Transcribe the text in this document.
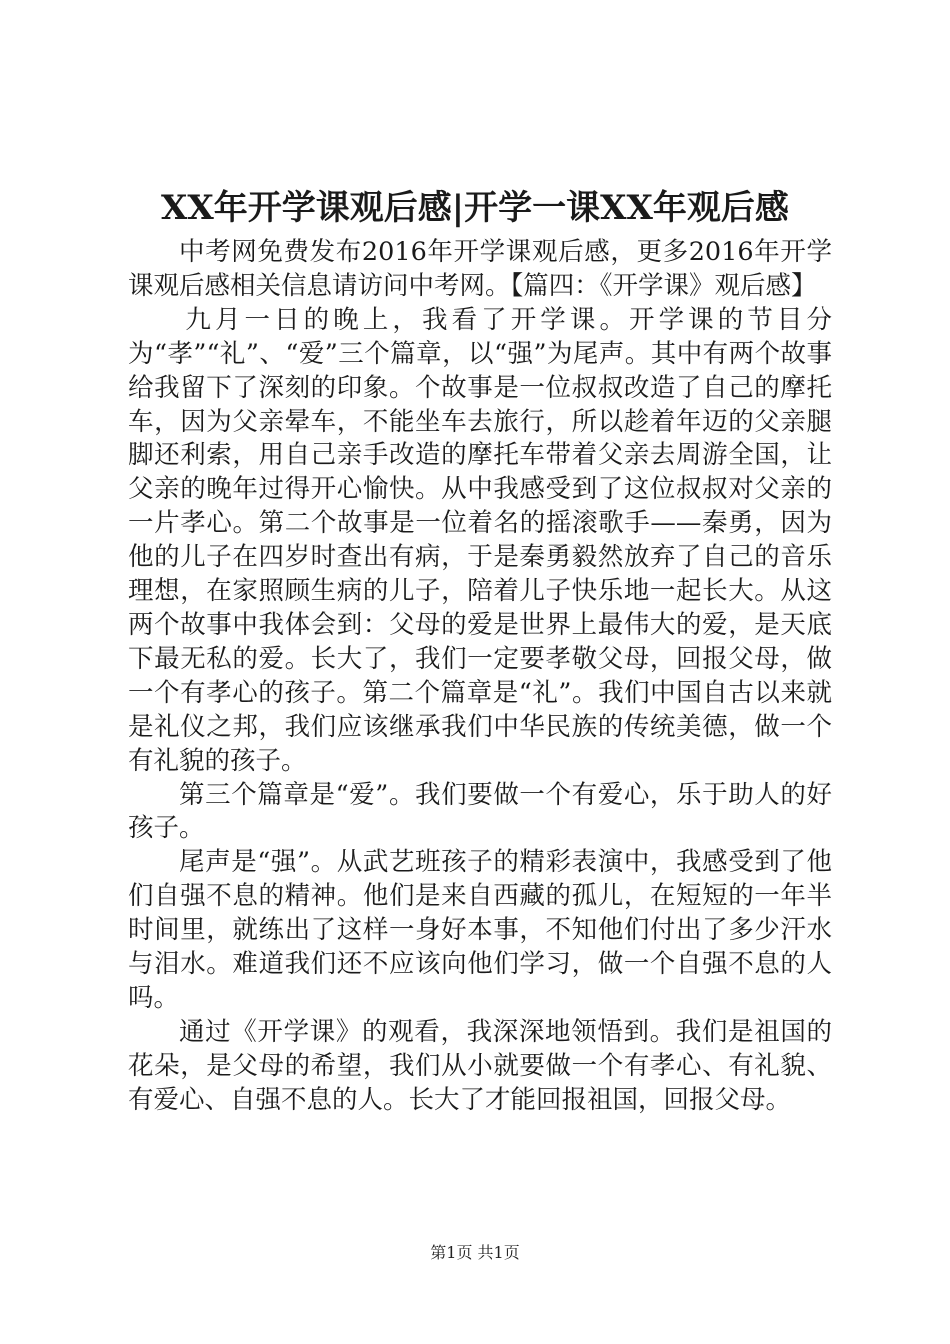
XX年开学课观后感|开学一课XX年观后感

中考网免费发布2016年开学课观后感，更多2016年开学课观后感相关信息请访问中考网。【篇四：《开学课》观后感】

九月一日的晚上，我看了开学课。开学课的节目分为“孝”“礼”、“爱”三个篇章，以“强”为尾声。其中有两个故事给我留下了深刻的印象。个故事是一位叔叔改造了自己的摩托车，因为父亲晕车，不能坐车去旅行，所以趁着年迈的父亲腿脚还利索，用自己亲手改造的摩托车带着父亲去周游全国，让父亲的晚年过得开心愉快。从中我感受到了这位叔叔对父亲的一片孝心。第二个故事是一位着名的摇滚歌手——秦勇，因为他的儿子在四岁时查出有病，于是秦勇毅然放弃了自己的音乐理想，在家照顾生病的儿子，陪着儿子快乐地一起长大。从这两个故事中我体会到：父母的爱是世界上最伟大的爱，是天底下最无私的爱。长大了，我们一定要孝敬父母，回报父母，做一个有孝心的孩子。第二个篇章是“礼”。我们中国自古以来就是礼仪之邦，我们应该继承我们中华民族的传统美德，做一个有礼貌的孩子。

第三个篇章是“爱”。我们要做一个有爱心，乐于助人的好孩子。

尾声是“强”。从武艺班孩子的精彩表演中，我感受到了他们自强不息的精神。他们是来自西藏的孤儿，在短短的一年半时间里，就练出了这样一身好本事，不知他们付出了多少汗水与泪水。难道我们还不应该向他们学习，做一个自强不息的人吗。

通过《开学课》的观看，我深深地领悟到。我们是祖国的花朵，是父母的希望，我们从小就要做一个有孝心、有礼貌、有爱心、自强不息的人。长大了才能回报祖国，回报父母。

第1页 共1页
